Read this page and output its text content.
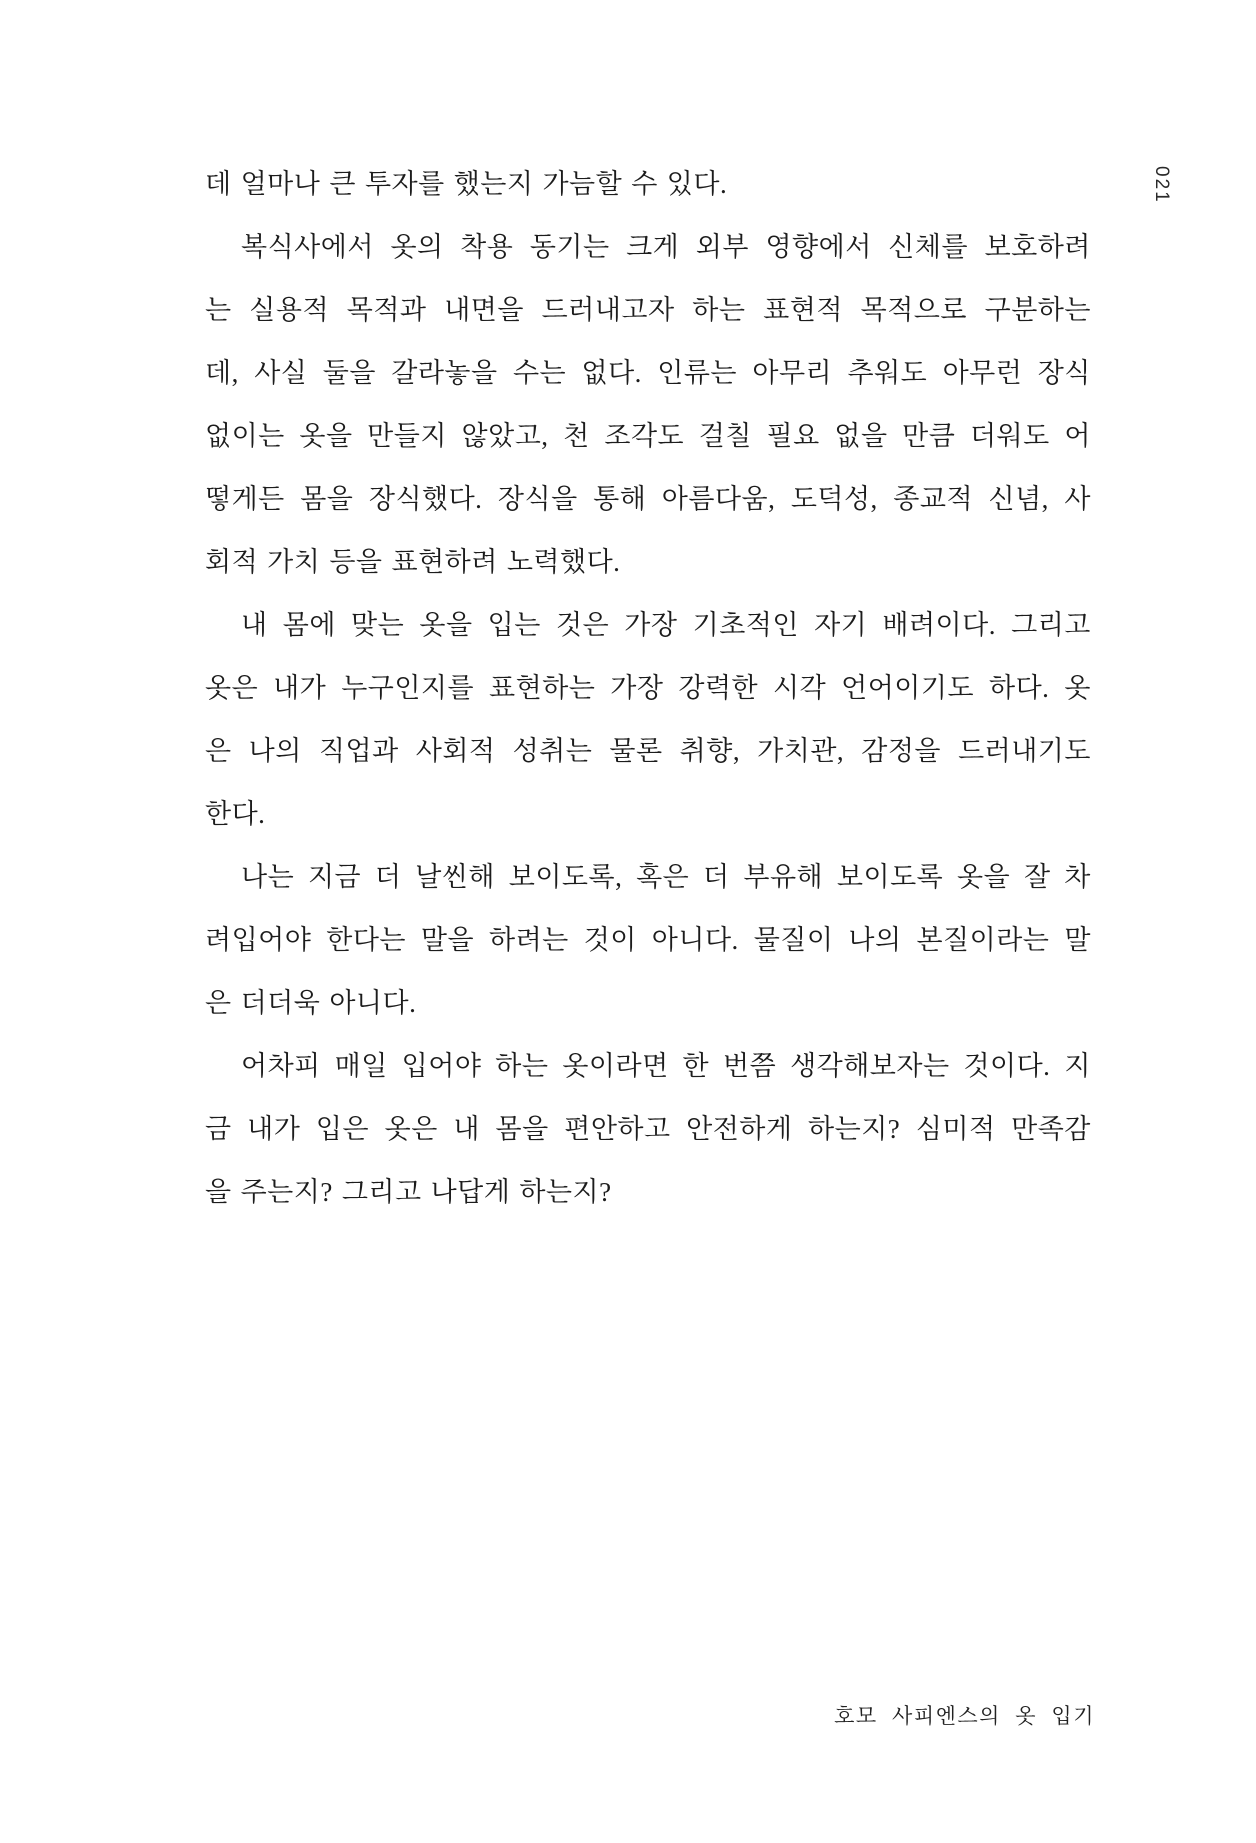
021
데 얼마나 큰 투자를 했는지 가늠할 수 있다.
복식사에서 옷의 착용 동기는 크게 외부 영향에서 신체를 보호하려
는 실용적 목적과 내면을 드러내고자 하는 표현적 목적으로 구분하는
데, 사실 둘을 갈라놓을 수는 없다. 인류는 아무리 추워도 아무런 장식
없이는 옷을 만들지 않았고, 천 조각도 걸칠 필요 없을 만큼 더워도 어
떻게든 몸을 장식했다. 장식을 통해 아름다움, 도덕성, 종교적 신념, 사
회적 가치 등을 표현하려 노력했다.
내 몸에 맞는 옷을 입는 것은 가장 기초적인 자기 배려이다. 그리고
옷은 내가 누구인지를 표현하는 가장 강력한 시각 언어이기도 하다. 옷
은 나의 직업과 사회적 성취는 물론 취향, 가치관, 감정을 드러내기도
한다.
나는 지금 더 날씬해 보이도록, 혹은 더 부유해 보이도록 옷을 잘 차
려입어야 한다는 말을 하려는 것이 아니다. 물질이 나의 본질이라는 말
은 더더욱 아니다.
어차피 매일 입어야 하는 옷이라면 한 번쯤 생각해보자는 것이다. 지
금 내가 입은 옷은 내 몸을 편안하고 안전하게 하는지? 심미적 만족감
을 주는지? 그리고 나답게 하는지?
호모 사피엔스의 옷 입기
